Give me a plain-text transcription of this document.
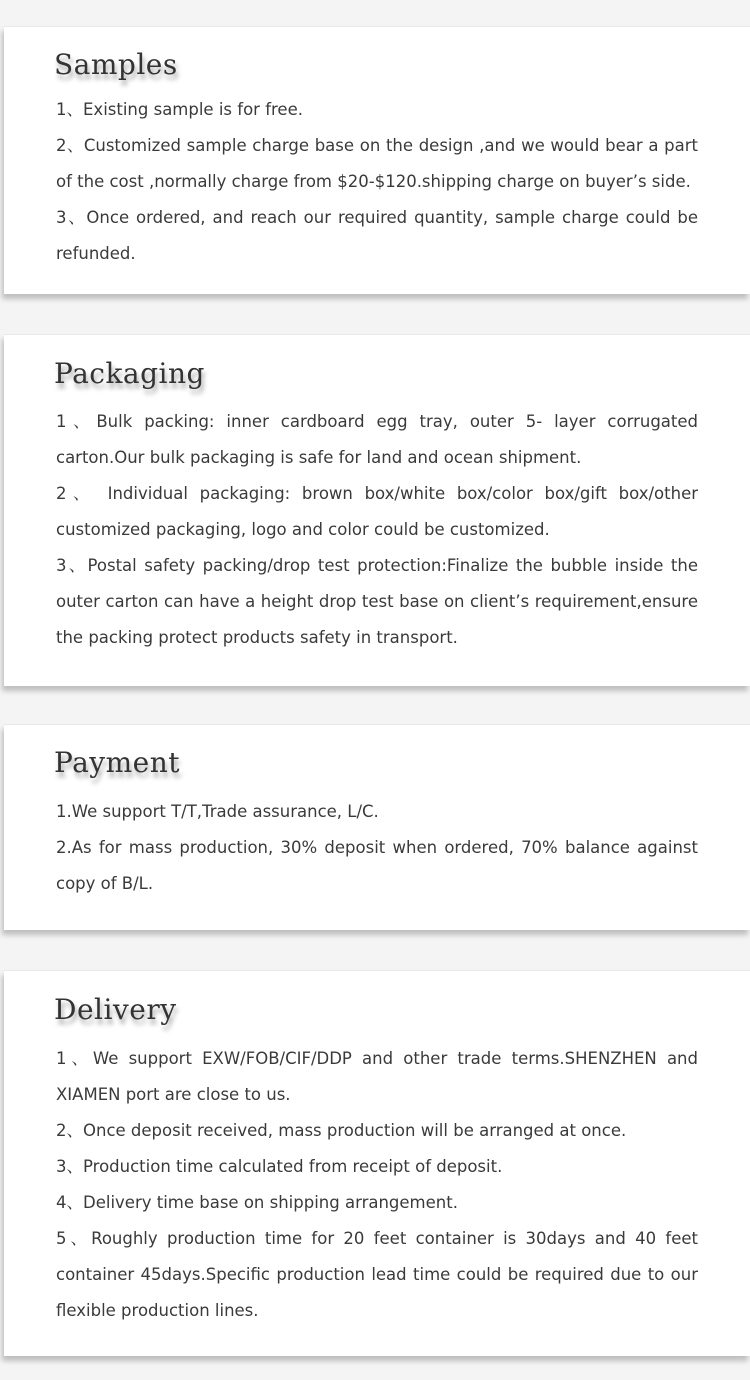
Samples
1、Existing sample is for free.
2、Customized sample charge base on the design ,and we would bear a part of the cost ,normally charge from $20-$120.shipping charge on buyer’s side.
3、Once ordered, and reach our required quantity, sample charge could be refunded.
Packaging
1、Bulk packing: inner cardboard egg tray, outer 5- layer corrugated carton.Our bulk packaging is safe for land and ocean shipment.
2、 Individual packaging: brown box/white box/color box/gift box/other customized packaging, logo and color could be customized.
3、Postal safety packing/drop test protection:Finalize the bubble inside the outer carton can have a height drop test base on client’s requirement,ensure the packing protect products safety in transport.
Payment
1.We support T/T,Trade assurance, L/C.
2.As for mass production, 30% deposit when ordered, 70% balance against copy of B/L.
Delivery
1、We support EXW/FOB/CIF/DDP and other trade terms.SHENZHEN and XIAMEN port are close to us.
2、Once deposit received, mass production will be arranged at once.
3、Production time calculated from receipt of deposit.
4、Delivery time base on shipping arrangement.
5、Roughly production time for 20 feet container is 30days and 40 feet container 45days.Specific production lead time could be required due to our flexible production lines.
